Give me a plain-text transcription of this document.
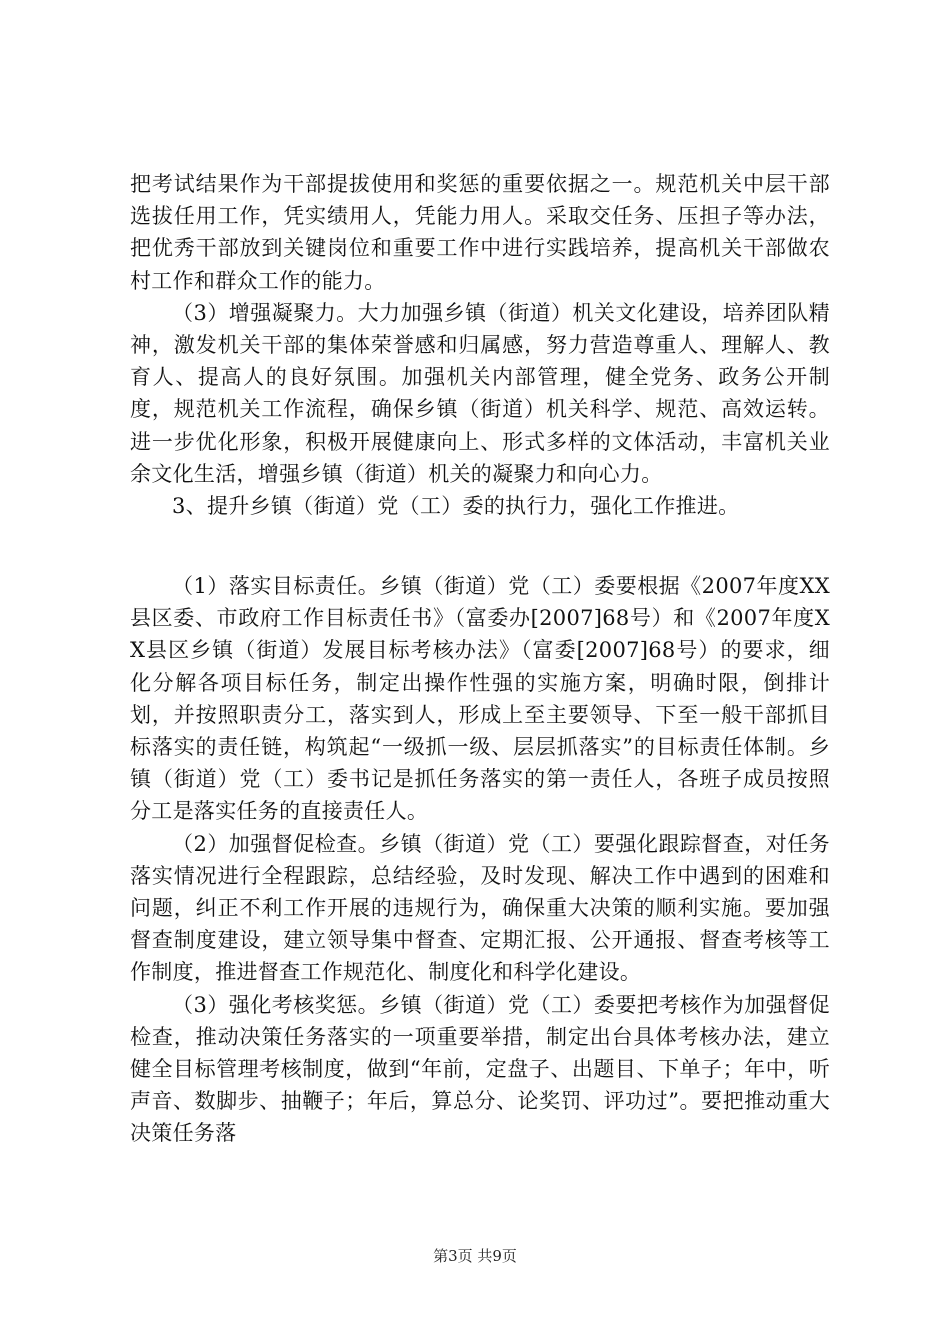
把考试结果作为干部提拔使用和奖惩的重要依据之一。规范机关中层干部选拔任用工作，凭实绩用人，凭能力用人。采取交任务、压担子等办法，把优秀干部放到关键岗位和重要工作中进行实践培养，提高机关干部做农村工作和群众工作的能力。

（3）增强凝聚力。大力加强乡镇（街道）机关文化建设，培养团队精神，激发机关干部的集体荣誉感和归属感，努力营造尊重人、理解人、教育人、提高人的良好氛围。加强机关内部管理，健全党务、政务公开制度，规范机关工作流程，确保乡镇（街道）机关科学、规范、高效运转。进一步优化形象，积极开展健康向上、形式多样的文体活动，丰富机关业余文化生活，增强乡镇（街道）机关的凝聚力和向心力。

3、提升乡镇（街道）党（工）委的执行力，强化工作推进。

（1）落实目标责任。乡镇（街道）党（工）委要根据《2007年度XX县区委、市政府工作目标责任书》（富委办[2007]68号）和《2007年度XX县区乡镇（街道）发展目标考核办法》（富委[2007]68号）的要求，细化分解各项目标任务，制定出操作性强的实施方案，明确时限，倒排计划，并按照职责分工，落实到人，形成上至主要领导、下至一般干部抓目标落实的责任链，构筑起“一级抓一级、层层抓落实”的目标责任体制。乡镇（街道）党（工）委书记是抓任务落实的第一责任人，各班子成员按照分工是落实任务的直接责任人。

（2）加强督促检查。乡镇（街道）党（工）要强化跟踪督查，对任务落实情况进行全程跟踪，总结经验，及时发现、解决工作中遇到的困难和问题，纠正不利工作开展的违规行为，确保重大决策的顺利实施。要加强督查制度建设，建立领导集中督查、定期汇报、公开通报、督查考核等工作制度，推进督查工作规范化、制度化和科学化建设。

（3）强化考核奖惩。乡镇（街道）党（工）委要把考核作为加强督促检查，推动决策任务落实的一项重要举措，制定出台具体考核办法，建立健全目标管理考核制度，做到“年前，定盘子、出题目、下单子；年中，听声音、数脚步、抽鞭子；年后，算总分、论奖罚、评功过”。要把推动重大决策任务落

第3页 共9页
